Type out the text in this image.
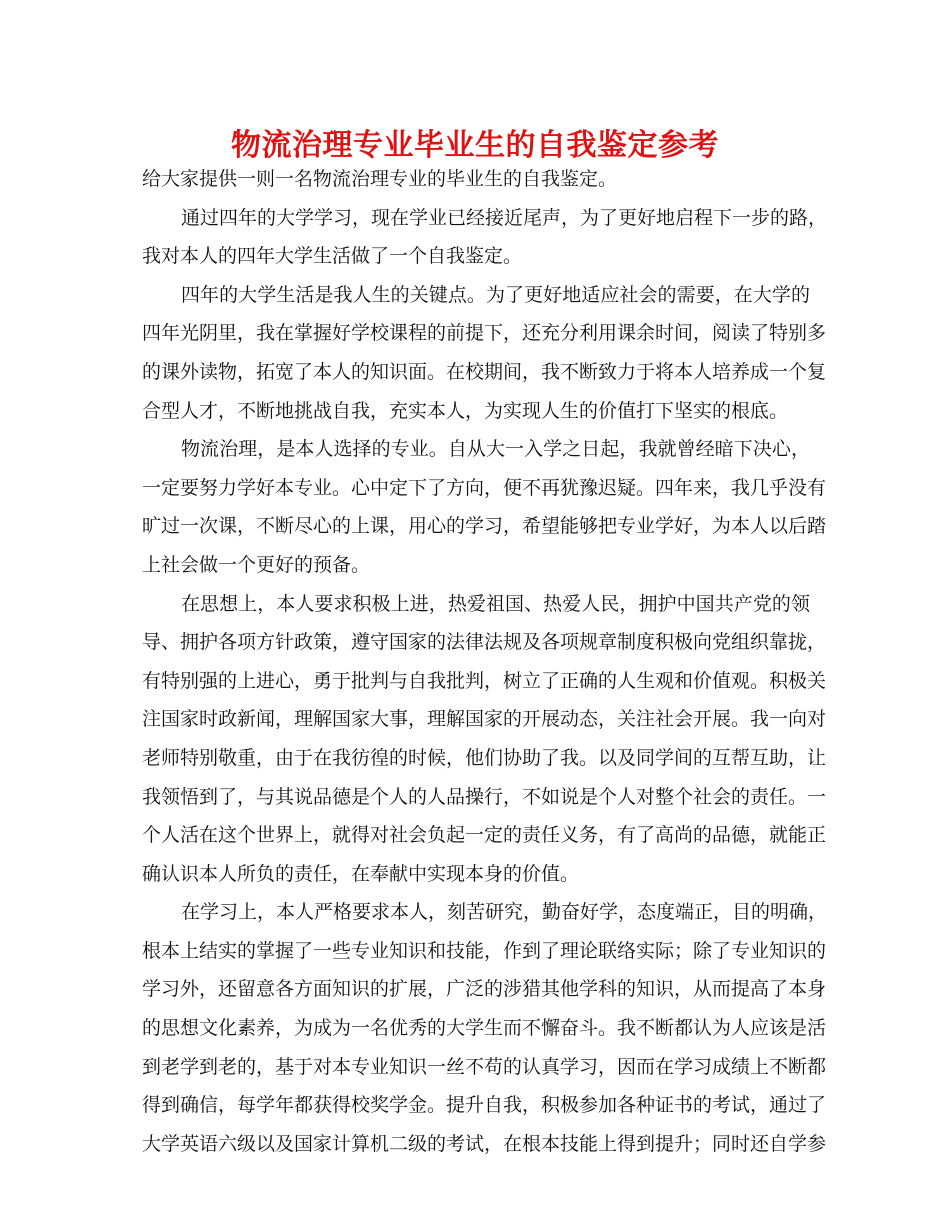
物流治理专业毕业生的自我鉴定参考
给大家提供一则一名物流治理专业的毕业生的自我鉴定。
通过四年的大学学习，现在学业已经接近尾声，为了更好地启程下一步的路，
我对本人的四年大学生活做了一个自我鉴定。
四年的大学生活是我人生的关键点。为了更好地适应社会的需要，在大学的
四年光阴里，我在掌握好学校课程的前提下，还充分利用课余时间，阅读了特别多
的课外读物，拓宽了本人的知识面。在校期间，我不断致力于将本人培养成一个复
合型人才，不断地挑战自我，充实本人，为实现人生的价值打下坚实的根底。
物流治理，是本人选择的专业。自从大一入学之日起，我就曾经暗下决心，
一定要努力学好本专业。心中定下了方向，便不再犹豫迟疑。四年来，我几乎没有
旷过一次课，不断尽心的上课，用心的学习，希望能够把专业学好，为本人以后踏
上社会做一个更好的预备。
在思想上，本人要求积极上进，热爱祖国、热爱人民，拥护中国共产党的领
导、拥护各项方针政策，遵守国家的法律法规及各项规章制度积极向党组织靠拢，
有特别强的上进心，勇于批判与自我批判，树立了正确的人生观和价值观。积极关
注国家时政新闻，理解国家大事，理解国家的开展动态，关注社会开展。我一向对
老师特别敬重，由于在我彷徨的时候，他们协助了我。以及同学间的互帮互助，让
我领悟到了，与其说品德是个人的人品操行，不如说是个人对整个社会的责任。一
个人活在这个世界上，就得对社会负起一定的责任义务，有了高尚的品德，就能正
确认识本人所负的责任，在奉献中实现本身的价值。
在学习上，本人严格要求本人，刻苦研究，勤奋好学，态度端正，目的明确，
根本上结实的掌握了一些专业知识和技能，作到了理论联络实际；除了专业知识的
学习外，还留意各方面知识的扩展，广泛的涉猎其他学科的知识，从而提高了本身
的思想文化素养，为成为一名优秀的大学生而不懈奋斗。我不断都认为人应该是活
到老学到老的，基于对本专业知识一丝不苟的认真学习，因而在学习成绩上不断都
得到确信，每学年都获得校奖学金。提升自我，积极参加各种证书的考试，通过了
大学英语六级以及国家计算机二级的考试，在根本技能上得到提升；同时还自学参
